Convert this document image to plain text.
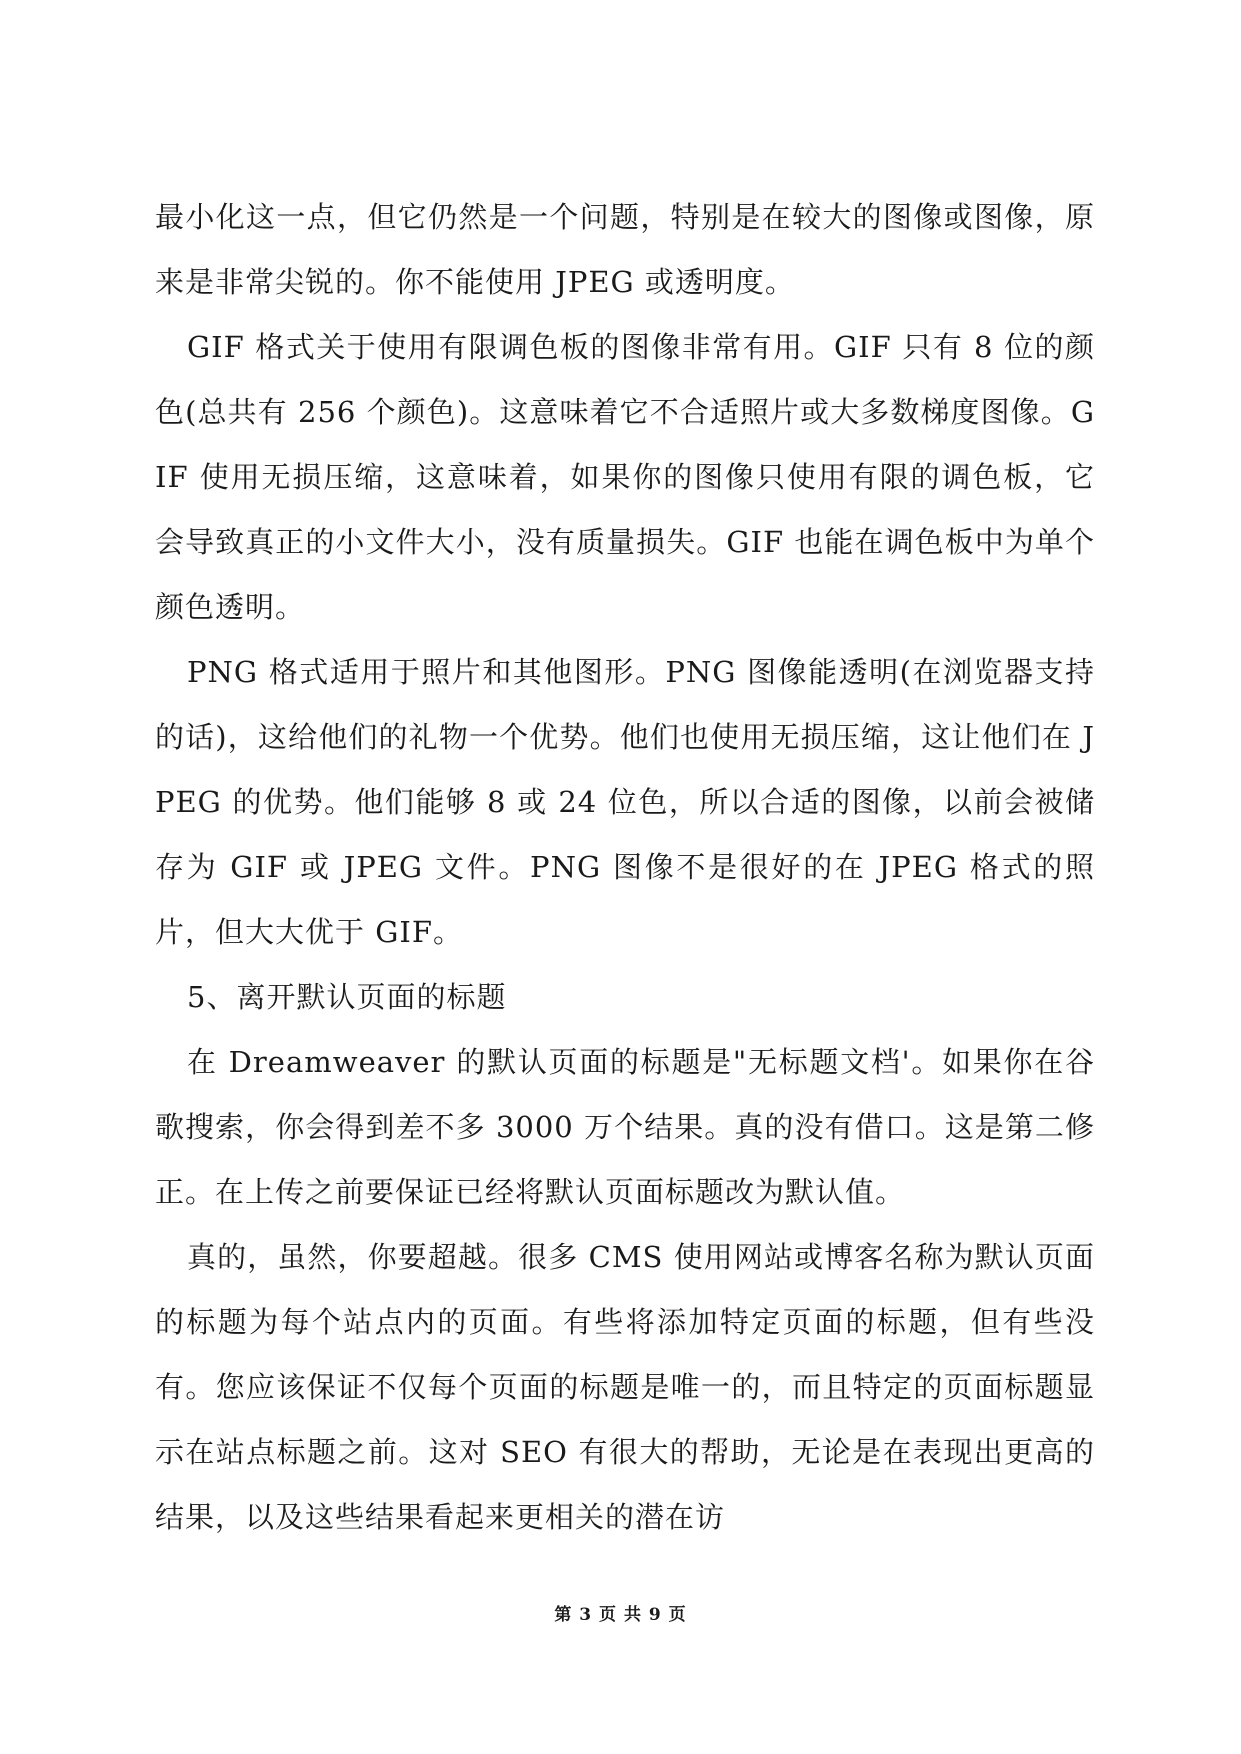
最小化这一点，但它仍然是一个问题，特别是在较大的图像或图像，原来是非常尖锐的。你不能使用 JPEG 或透明度。

GIF 格式关于使用有限调色板的图像非常有用。GIF 只有 8 位的颜色(总共有 256 个颜色)。这意味着它不合适照片或大多数梯度图像。GIF 使用无损压缩，这意味着，如果你的图像只使用有限的调色板，它会导致真正的小文件大小，没有质量损失。GIF 也能在调色板中为单个颜色透明。

PNG 格式适用于照片和其他图形。PNG 图像能透明(在浏览器支持的话)，这给他们的礼物一个优势。他们也使用无损压缩，这让他们在 JPEG 的优势。他们能够 8 或 24 位色，所以合适的图像，以前会被储存为 GIF 或 JPEG 文件。PNG 图像不是很好的在 JPEG 格式的照片，但大大优于 GIF。

5、离开默认页面的标题

在 Dreamweaver 的默认页面的标题是"无标题文档'。如果你在谷歌搜索，你会得到差不多 3000 万个结果。真的没有借口。这是第二修正。在上传之前要保证已经将默认页面标题改为默认值。

真的，虽然，你要超越。很多 CMS 使用网站或博客名称为默认页面的标题为每个站点内的页面。有些将添加特定页面的标题，但有些没有。您应该保证不仅每个页面的标题是唯一的，而且特定的页面标题显示在站点标题之前。这对 SEO 有很大的帮助，无论是在表现出更高的结果，以及这些结果看起来更相关的潜在访

第 3 页 共 9 页
